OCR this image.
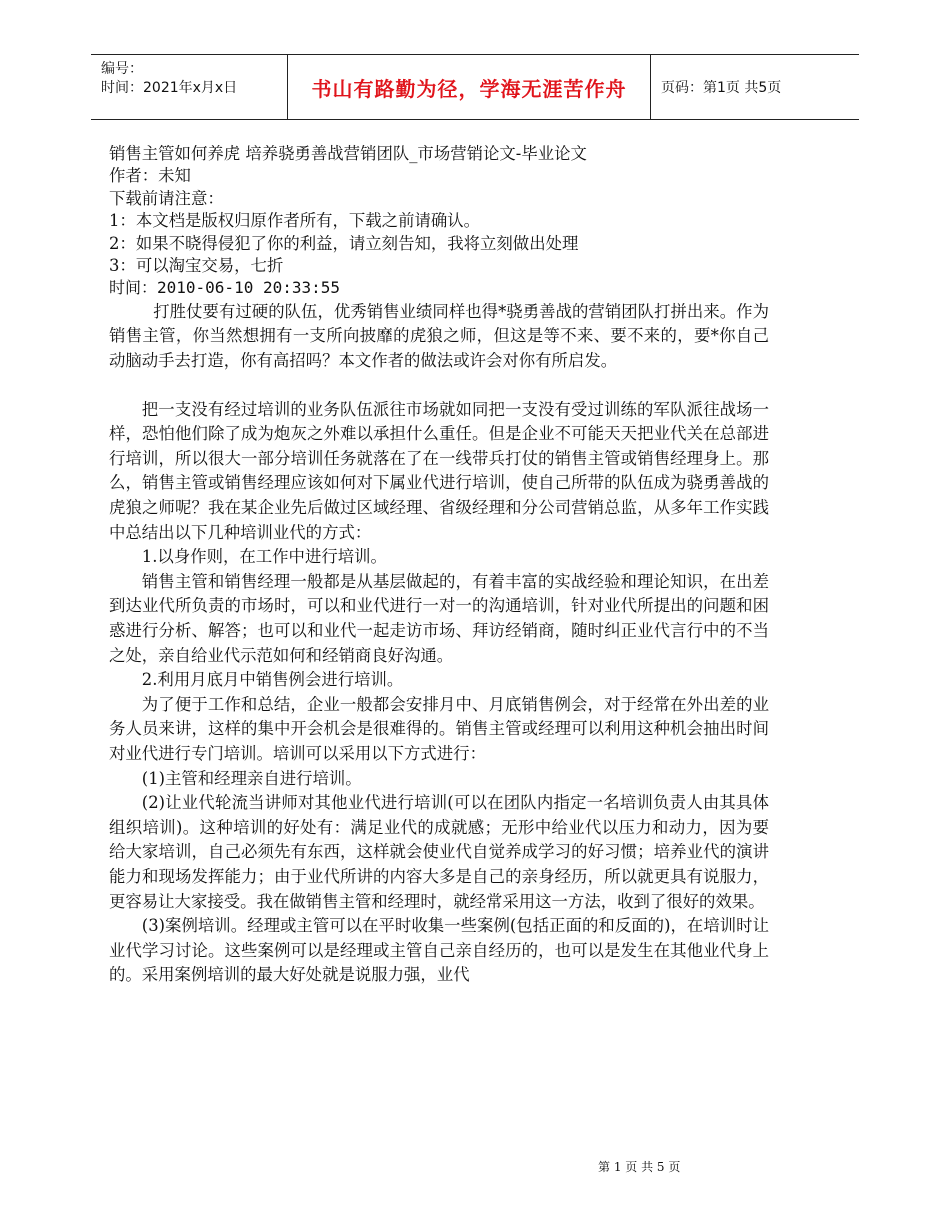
编号：
时间：2021年x月x日	书山有路勤为径，学海无涯苦作舟	页码：第1页 共5页
销售主管如何养虎 培养骁勇善战营销团队_市场营销论文-毕业论文
作者：未知
下载前请注意：
1：本文档是版权归原作者所有，下载之前请确认。
2：如果不晓得侵犯了你的利益，请立刻告知，我将立刻做出处理
3：可以淘宝交易，七折
时间：2010-06-10 20:33:55

打胜仗要有过硬的队伍，优秀销售业绩同样也得*骁勇善战的营销团队打拼出来。作为销售主管，你当然想拥有一支所向披靡的虎狼之师，但这是等不来、要不来的，要*你自己动脑动手去打造，你有高招吗？本文作者的做法或许会对你有所启发。

把一支没有经过培训的业务队伍派往市场就如同把一支没有受过训练的军队派往战场一样，恐怕他们除了成为炮灰之外难以承担什么重任。但是企业不可能天天把业代关在总部进行培训，所以很大一部分培训任务就落在了在一线带兵打仗的销售主管或销售经理身上。那么，销售主管或销售经理应该如何对下属业代进行培训，使自己所带的队伍成为骁勇善战的虎狼之师呢？我在某企业先后做过区域经理、省级经理和分公司营销总监，从多年工作实践中总结出以下几种培训业代的方式：

1.以身作则，在工作中进行培训。

销售主管和销售经理一般都是从基层做起的，有着丰富的实战经验和理论知识，在出差到达业代所负责的市场时，可以和业代进行一对一的沟通培训，针对业代所提出的问题和困惑进行分析、解答；也可以和业代一起走访市场、拜访经销商，随时纠正业代言行中的不当之处，亲自给业代示范如何和经销商良好沟通。

2.利用月底月中销售例会进行培训。

为了便于工作和总结，企业一般都会安排月中、月底销售例会，对于经常在外出差的业务人员来讲，这样的集中开会机会是很难得的。销售主管或经理可以利用这种机会抽出时间对业代进行专门培训。培训可以采用以下方式进行：

(1)主管和经理亲自进行培训。

(2)让业代轮流当讲师对其他业代进行培训(可以在团队内指定一名培训负责人由其具体组织培训)。这种培训的好处有：满足业代的成就感；无形中给业代以压力和动力，因为要给大家培训，自己必须先有东西，这样就会使业代自觉养成学习的好习惯；培养业代的演讲能力和现场发挥能力；由于业代所讲的内容大多是自己的亲身经历，所以就更具有说服力，更容易让大家接受。我在做销售主管和经理时，就经常采用这一方法，收到了很好的效果。

(3)案例培训。经理或主管可以在平时收集一些案例(包括正面的和反面的)，在培训时让业代学习讨论。这些案例可以是经理或主管自己亲自经历的，也可以是发生在其他业代身上的。采用案例培训的最大好处就是说服力强，业代

第 1 页 共 5 页
